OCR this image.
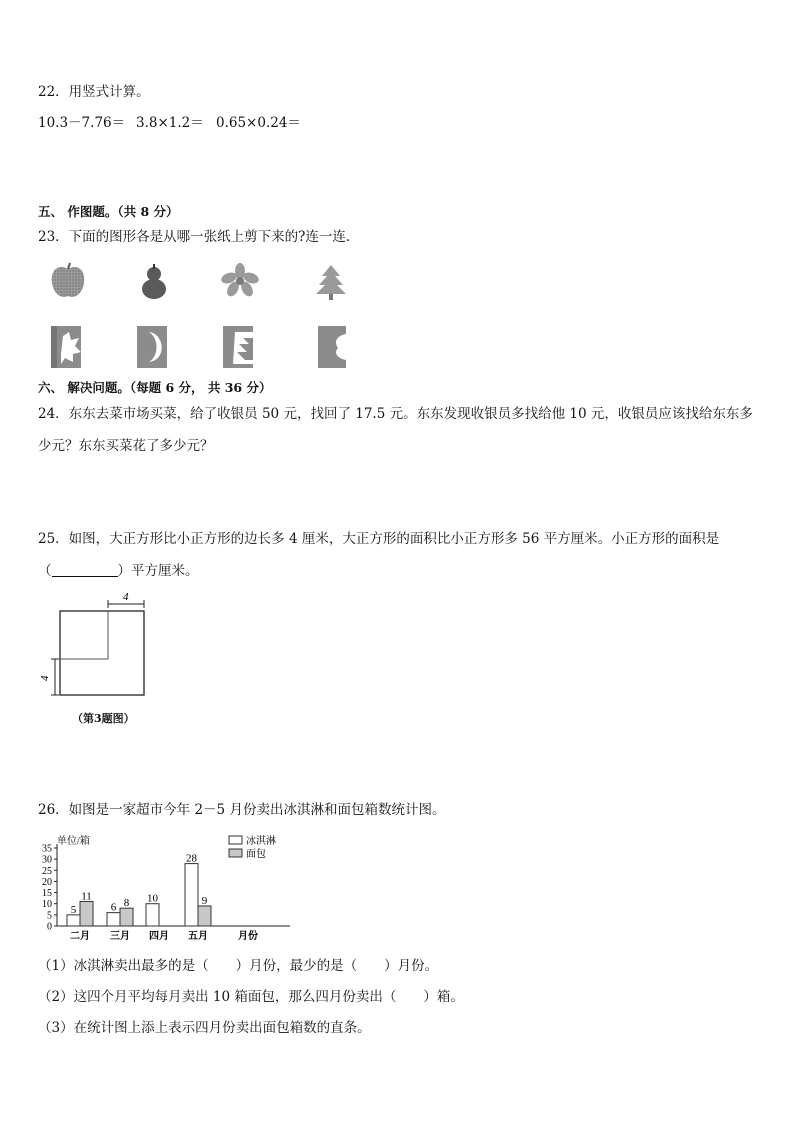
22．用竖式计算。
10.3－7.76＝ 3.8×1.2＝ 0.65×0.24＝
五、 作图题。（共 8 分）
23．下面的图形各是从哪一张纸上剪下来的?连一连．
六、 解决问题。（每题 6 分， 共 36 分）
24．东东去菜市场买菜，给了收银员 50 元，找回了 17.5 元。东东发现收银员多找给他 10 元，收银员应该找给东东多
少元？东东买菜花了多少元？
25．如图，大正方形比小正方形的边长多 4 厘米，大正方形的面积比小正方形多 56 平方厘米。小正方形的面积是
（	）平方厘米。
4
4
（第3题图）
26．如图是一家超市今年 2－5 月份卖出冰淇淋和面包箱数统计图。
单位/箱
0
5
10
15
20
25
30
35
5
11
6 8 10
28
9
二月 三月 四月 五月	月份
冰淇淋
面包
（1）冰淇淋卖出最多的是（　　）月份，最少的是（　　）月份。
（2）这四个月平均每月卖出 10 箱面包，那么四月份卖出（　　）箱。
（3）在统计图上添上表示四月份卖出面包箱数的直条。
